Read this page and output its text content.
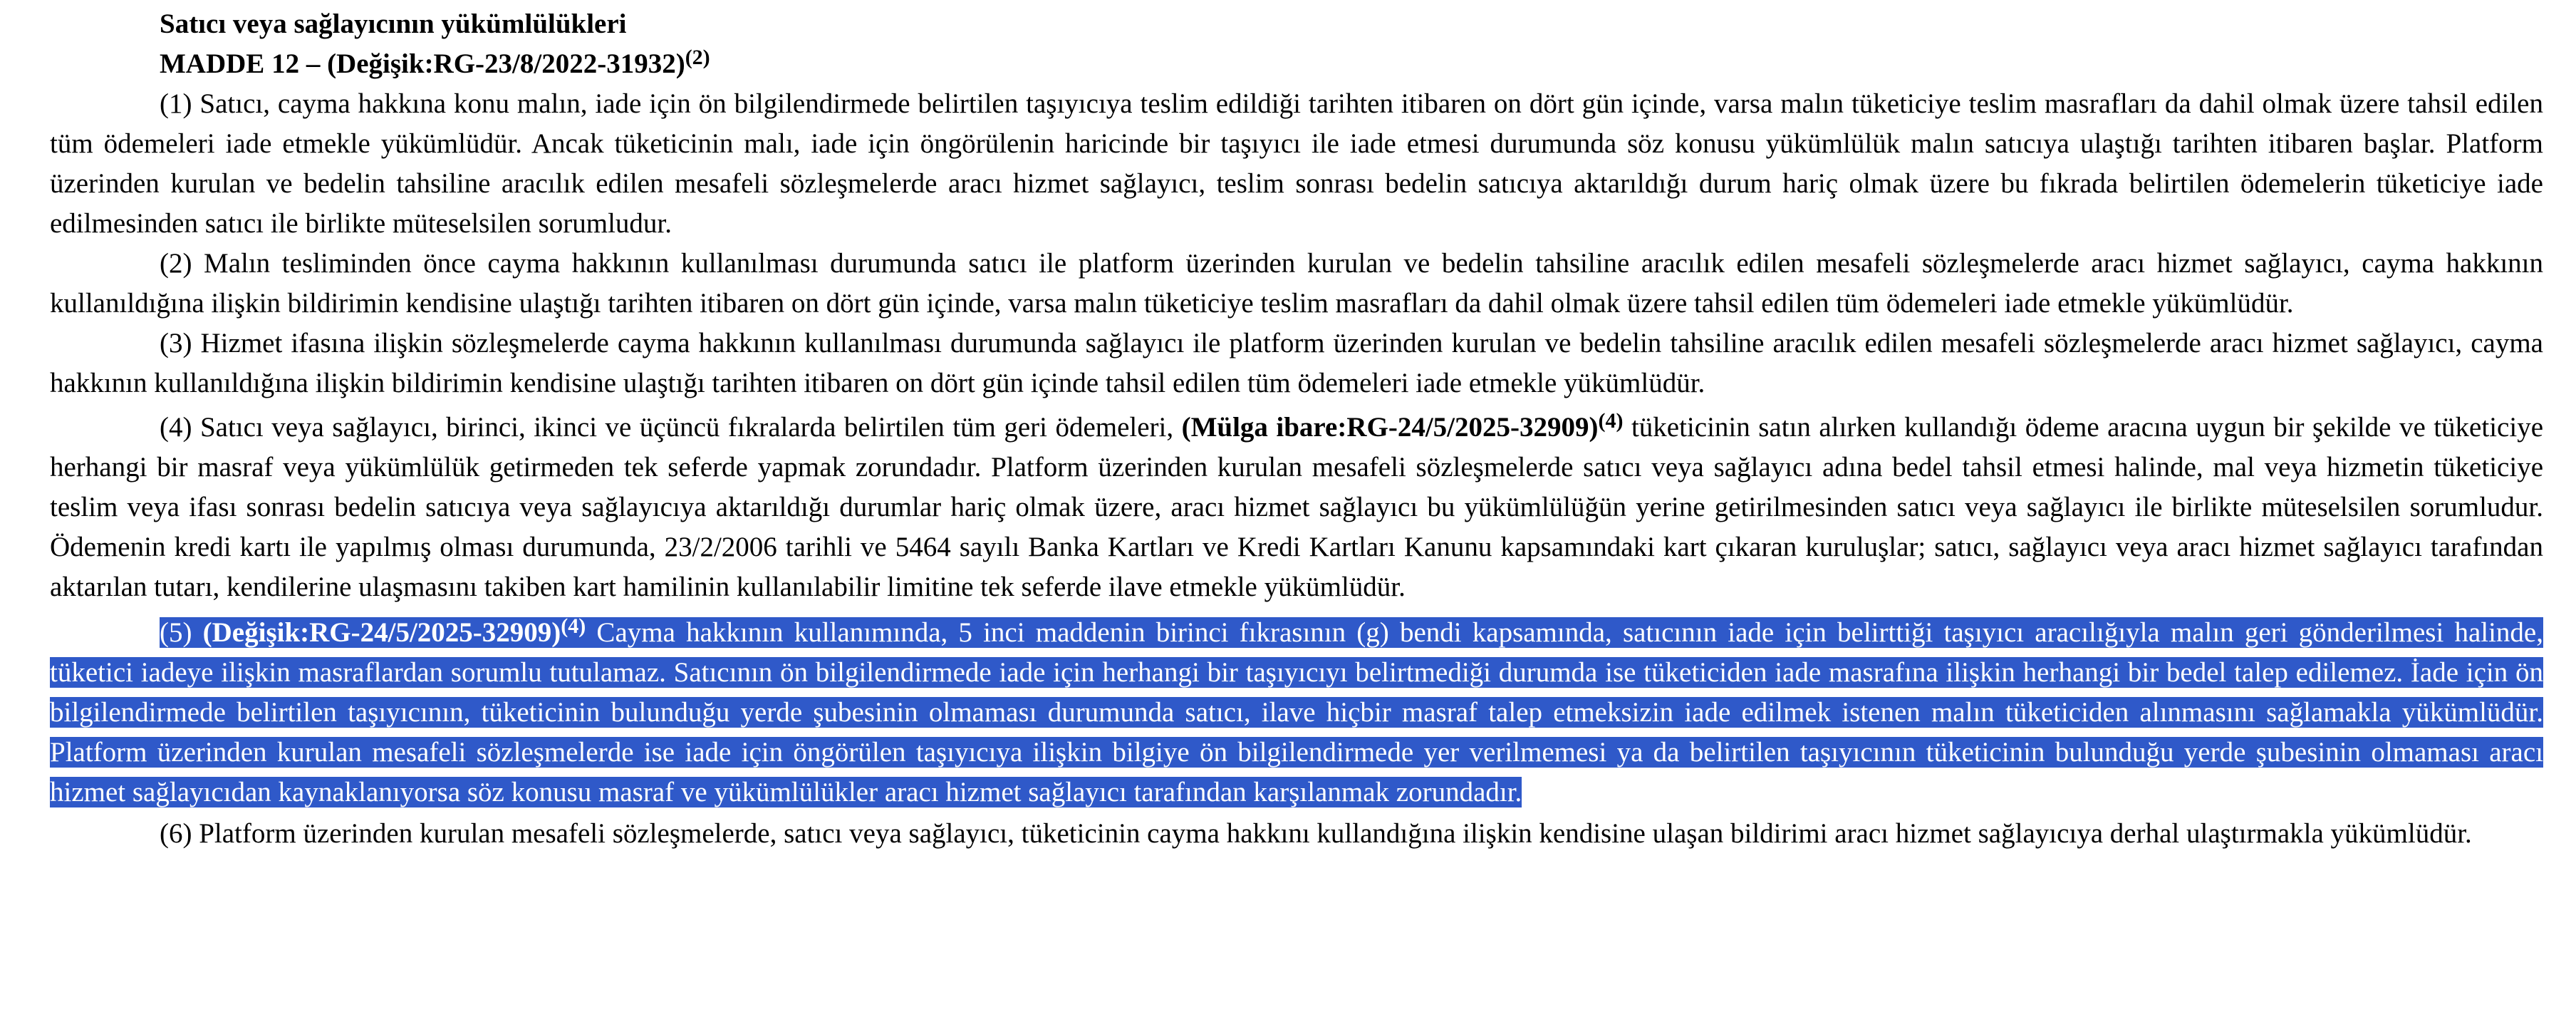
Satıcı veya sağlayıcının yükümlülükleri
MADDE 12 – (Değişik:RG-23/8/2022-31932)$^{(2)}$

(1) Satıcı, cayma hakkına konu malın, iade için ön bilgilendirmede belirtilen taşıyıcıya teslim edildiği tarihten itibaren on dört gün içinde, varsa malın tüketiciye teslim masrafları da dahil olmak üzere tahsil edilen tüm ödemeleri iade etmekle yükümlüdür. Ancak tüketicinin malı, iade için öngörülenin haricinde bir taşıyıcı ile iade etmesi durumunda söz konusu yükümlülük malın satıcıya ulaştığı tarihten itibaren başlar. Platform üzerinden kurulan ve bedelin tahsiline aracılık edilen mesafeli sözleşmelerde aracı hizmet sağlayıcı, teslim sonrası bedelin satıcıya aktarıldığı durum hariç olmak üzere bu fıkrada belirtilen ödemelerin tüketiciye iade edilmesinden satıcı ile birlikte müteselsilen sorumludur.

(2) Malın tesliminden önce cayma hakkının kullanılması durumunda satıcı ile platform üzerinden kurulan ve bedelin tahsiline aracılık edilen mesafeli sözleşmelerde aracı hizmet sağlayıcı, cayma hakkının kullanıldığına ilişkin bildirimin kendisine ulaştığı tarihten itibaren on dört gün içinde, varsa malın tüketiciye teslim masrafları da dahil olmak üzere tahsil edilen tüm ödemeleri iade etmekle yükümlüdür.

(3) Hizmet ifasına ilişkin sözleşmelerde cayma hakkının kullanılması durumunda sağlayıcı ile platform üzerinden kurulan ve bedelin tahsiline aracılık edilen mesafeli sözleşmelerde aracı hizmet sağlayıcı, cayma hakkının kullanıldığına ilişkin bildirimin kendisine ulaştığı tarihten itibaren on dört gün içinde tahsil edilen tüm ödemeleri iade etmekle yükümlüdür.

(4) Satıcı veya sağlayıcı, birinci, ikinci ve üçüncü fıkralarda belirtilen tüm geri ödemeleri, (Mülga ibare:RG-24/5/2025-32909)$^{(4)}$ tüketicinin satın alırken kullandığı ödeme aracına uygun bir şekilde ve tüketiciye herhangi bir masraf veya yükümlülük getirmeden tek seferde yapmak zorundadır. Platform üzerinden kurulan mesafeli sözleşmelerde satıcı veya sağlayıcı adına bedel tahsil etmesi halinde, mal veya hizmetin tüketiciye teslim veya ifası sonrası bedelin satıcıya veya sağlayıcıya aktarıldığı durumlar hariç olmak üzere, aracı hizmet sağlayıcı bu yükümlülüğün yerine getirilmesinden satıcı veya sağlayıcı ile birlikte müteselsilen sorumludur. Ödemenin kredi kartı ile yapılmış olması durumunda, 23/2/2006 tarihli ve 5464 sayılı Banka Kartları ve Kredi Kartları Kanunu kapsamındaki kart çıkaran kuruluşlar; satıcı, sağlayıcı veya aracı hizmet sağlayıcı tarafından aktarılan tutarı, kendilerine ulaşmasını takiben kart hamilinin kullanılabilir limitine tek seferde ilave etmekle yükümlüdür.

(5) (Değişik:RG-24/5/2025-32909)$^{(4)}$ Cayma hakkının kullanımında, 5 inci maddenin birinci fıkrasının (g) bendi kapsamında, satıcının iade için belirttiği taşıyıcı aracılığıyla malın geri gönderilmesi halinde, tüketici iadeye ilişkin masraflardan sorumlu tutulamaz. Satıcının ön bilgilendirmede iade için herhangi bir taşıyıcıyı belirtmediği durumda ise tüketiciden iade masrafına ilişkin herhangi bir bedel talep edilemez. İade için ön bilgilendirmede belirtilen taşıyıcının, tüketicinin bulunduğu yerde şubesinin olmaması durumunda satıcı, ilave hiçbir masraf talep etmeksizin iade edilmek istenen malın tüketiciden alınmasını sağlamakla yükümlüdür. Platform üzerinden kurulan mesafeli sözleşmelerde ise iade için öngörülen taşıyıcıya ilişkin bilgiye ön bilgilendirmede yer verilmemesi ya da belirtilen taşıyıcının tüketicinin bulunduğu yerde şubesinin olmaması aracı hizmet sağlayıcıdan kaynaklanıyorsa söz konusu masraf ve yükümlülükler aracı hizmet sağlayıcı tarafından karşılanmak zorundadır.

(6) Platform üzerinden kurulan mesafeli sözleşmelerde, satıcı veya sağlayıcı, tüketicinin cayma hakkını kullandığına ilişkin kendisine ulaşan bildirimi aracı hizmet sağlayıcıya derhal ulaştırmakla yükümlüdür.
